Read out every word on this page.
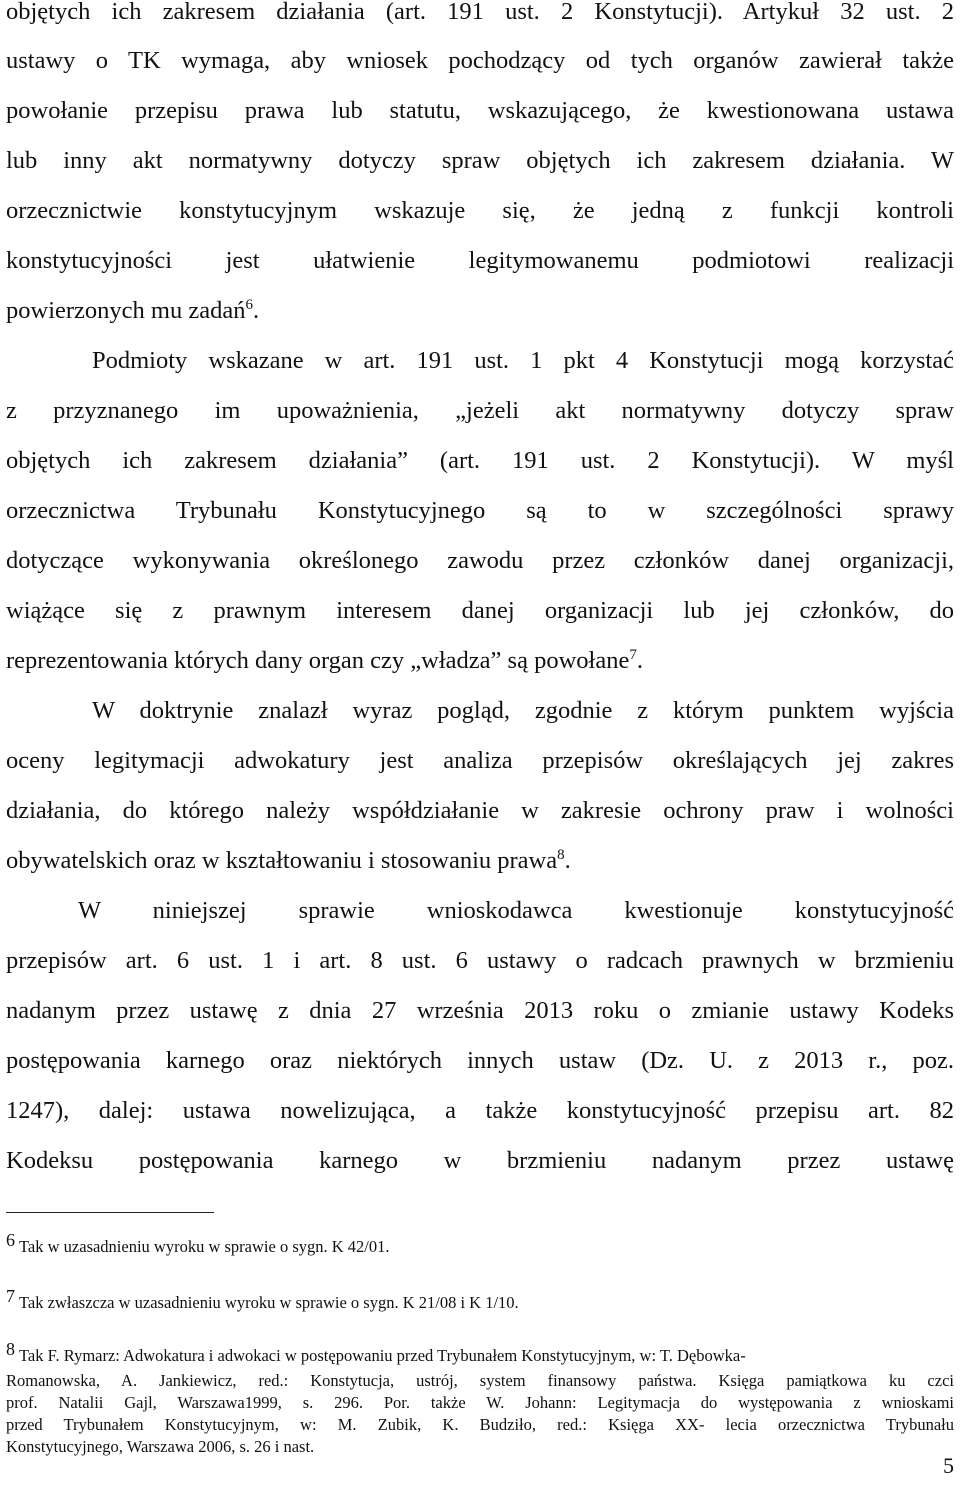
objętych ich zakresem działania (art. 191 ust. 2 Konstytucji). Artykuł 32 ust. 2
ustawy o TK wymaga, aby wniosek pochodzący od tych organów zawierał także
powołanie przepisu prawa lub statutu, wskazującego, że kwestionowana ustawa
lub inny akt normatywny dotyczy spraw objętych ich zakresem działania. W
orzecznictwie konstytucyjnym wskazuje się, że jedną z funkcji kontroli
konstytucyjności jest ułatwienie legitymowanemu podmiotowi realizacji
powierzonych mu zadań$^6$.
Podmioty wskazane w art. 191 ust. 1 pkt 4 Konstytucji mogą korzystać
z przyznanego im upoważnienia, „jeżeli akt normatywny dotyczy spraw
objętych ich zakresem działania” (art. 191 ust. 2 Konstytucji). W myśl
orzecznictwa Trybunału Konstytucyjnego są to w szczególności sprawy
dotyczące wykonywania określonego zawodu przez członków danej organizacji,
wiążące się z prawnym interesem danej organizacji lub jej członków, do
reprezentowania których dany organ czy „władza” są powołane$^7$.
W doktrynie znalazł wyraz pogląd, zgodnie z którym punktem wyjścia
oceny legitymacji adwokatury jest analiza przepisów określających jej zakres
działania, do którego należy współdziałanie w zakresie ochrony praw i wolności
obywatelskich oraz w kształtowaniu i stosowaniu prawa$^8$.
W niniejszej sprawie wnioskodawca kwestionuje konstytucyjność
przepisów art. 6 ust. 1 i art. 8 ust. 6 ustawy o radcach prawnych w brzmieniu
nadanym przez ustawę z dnia 27 września 2013 roku o zmianie ustawy Kodeks
postępowania karnego oraz niektórych innych ustaw (Dz. U. z 2013 r., poz.
1247), dalej: ustawa nowelizująca, a także konstytucyjność przepisu art. 82
Kodeksu postępowania karnego w brzmieniu nadanym przez ustawę
6 Tak w uzasadnieniu wyroku w sprawie o sygn. K 42/01.
7 Tak zwłaszcza w uzasadnieniu wyroku w sprawie o sygn. K 21/08 i K 1/10.
8 Tak F. Rymarz: Adwokatura i adwokaci w postępowaniu przed Trybunałem Konstytucyjnym, w: T. Dębowka-
Romanowska, A. Jankiewicz, red.: Konstytucja, ustrój, system finansowy państwa. Księga pamiątkowa ku czci
prof. Natalii Gajl, Warszawa1999, s. 296. Por. także W. Johann: Legitymacja do występowania z wnioskami
przed Trybunałem Konstytucyjnym, w: M. Zubik, K. Budziło, red.: Księga XX- lecia orzecznictwa Trybunału
Konstytucyjnego, Warszawa 2006, s. 26 i nast.
5
